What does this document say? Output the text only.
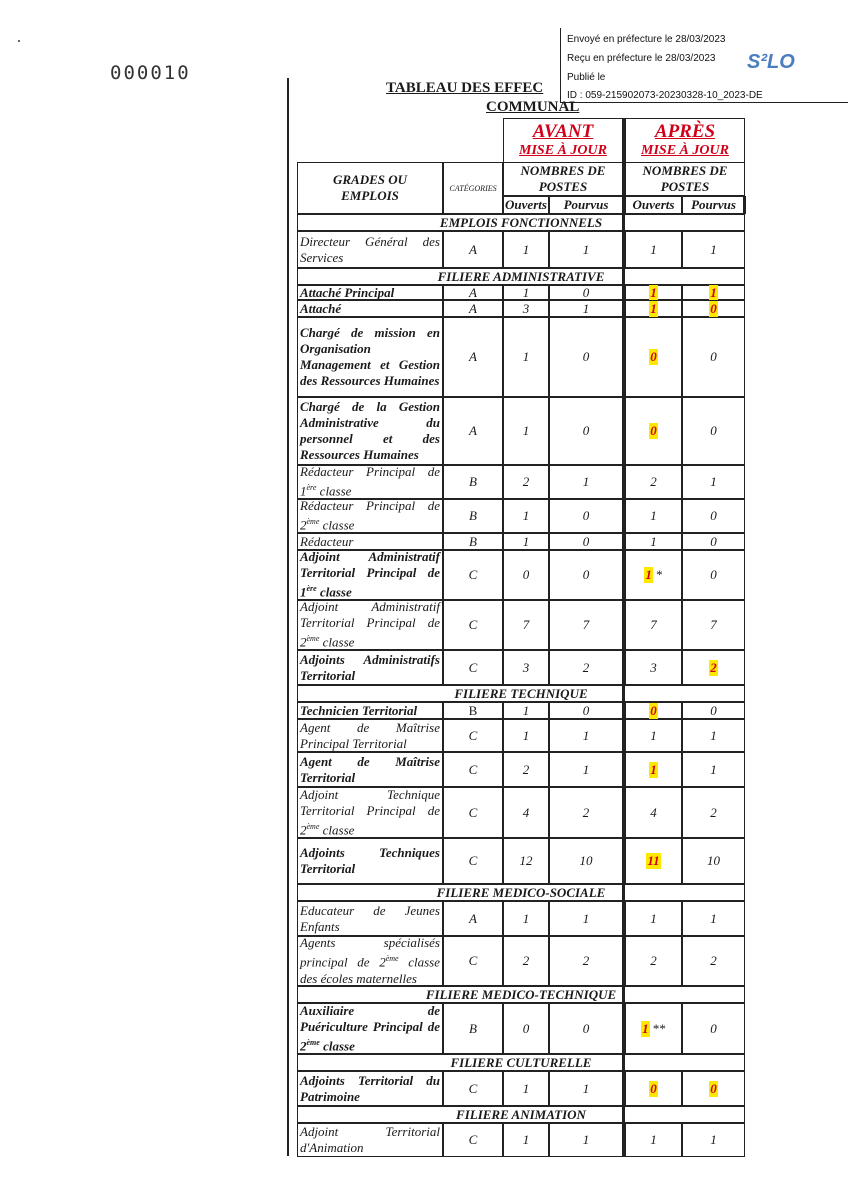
000010
Envoyé en préfecture le 28/03/2023
Reçu en préfecture le 28/03/2023
Publié le
ID : 059-215902073-20230328-10_2023-DE
S²LO
TABLEAU DES EFFEC
COMMUNAL
AVANT
MISE À JOUR
APRÈS
MISE À JOUR
GRADES OU EMPLOIS	CATÉGORIES
NOMBRES DE POSTES
NOMBRES DE POSTES
Ouverts	Pourvus	Ouverts	Pourvus
EMPLOIS FONCTIONNELS
Directeur Général des Services
A	1	1	1	1
FILIERE ADMINISTRATIVE
Attaché Principal	A	1	0	1	1
Attaché	A	3	1	1	0
Chargé de mission en Organisation Management et Gestion des Ressources Humaines
A	1	0	0	0
Chargé de la Gestion Administrative du personnel et des Ressources Humaines
A	1	0	0	0
Rédacteur Principal de 1ère classe
B	2	1	2	1
Rédacteur Principal de 2ème classe
B	1	0	1	0
Rédacteur	B	1	0	1	0
Adjoint Administratif Territorial Principal de 1ère classe
C	0	0	1 *	0
Adjoint Administratif Territorial Principal de 2ème classe
C	7	7	7	7
Adjoints Administratifs Territorial
C	3	2	3	2
FILIERE TECHNIQUE
Technicien Territorial	B	1	0	0	0
Agent de Maîtrise Principal Territorial
C	1	1	1	1
Agent de Maîtrise Territorial
C	2	1	1	1
Adjoint Technique Territorial Principal de 2ème classe
C	4	2	4	2
Adjoints Techniques Territorial
C	12	10	11	10
FILIERE MEDICO-SOCIALE
Educateur de Jeunes Enfants
A	1	1	1	1
Agents spécialisés principal de 2ème classe des écoles maternelles
C	2	2	2	2
FILIERE MEDICO-TECHNIQUE
Auxiliaire de Puériculture Principal de 2ème classe
B	0	0	1 **	0
FILIERE CULTURELLE
Adjoints Territorial du Patrimoine
C	1	1	0	0
FILIERE ANIMATION
Adjoint Territorial d'Animation
C	1	1	1	1
